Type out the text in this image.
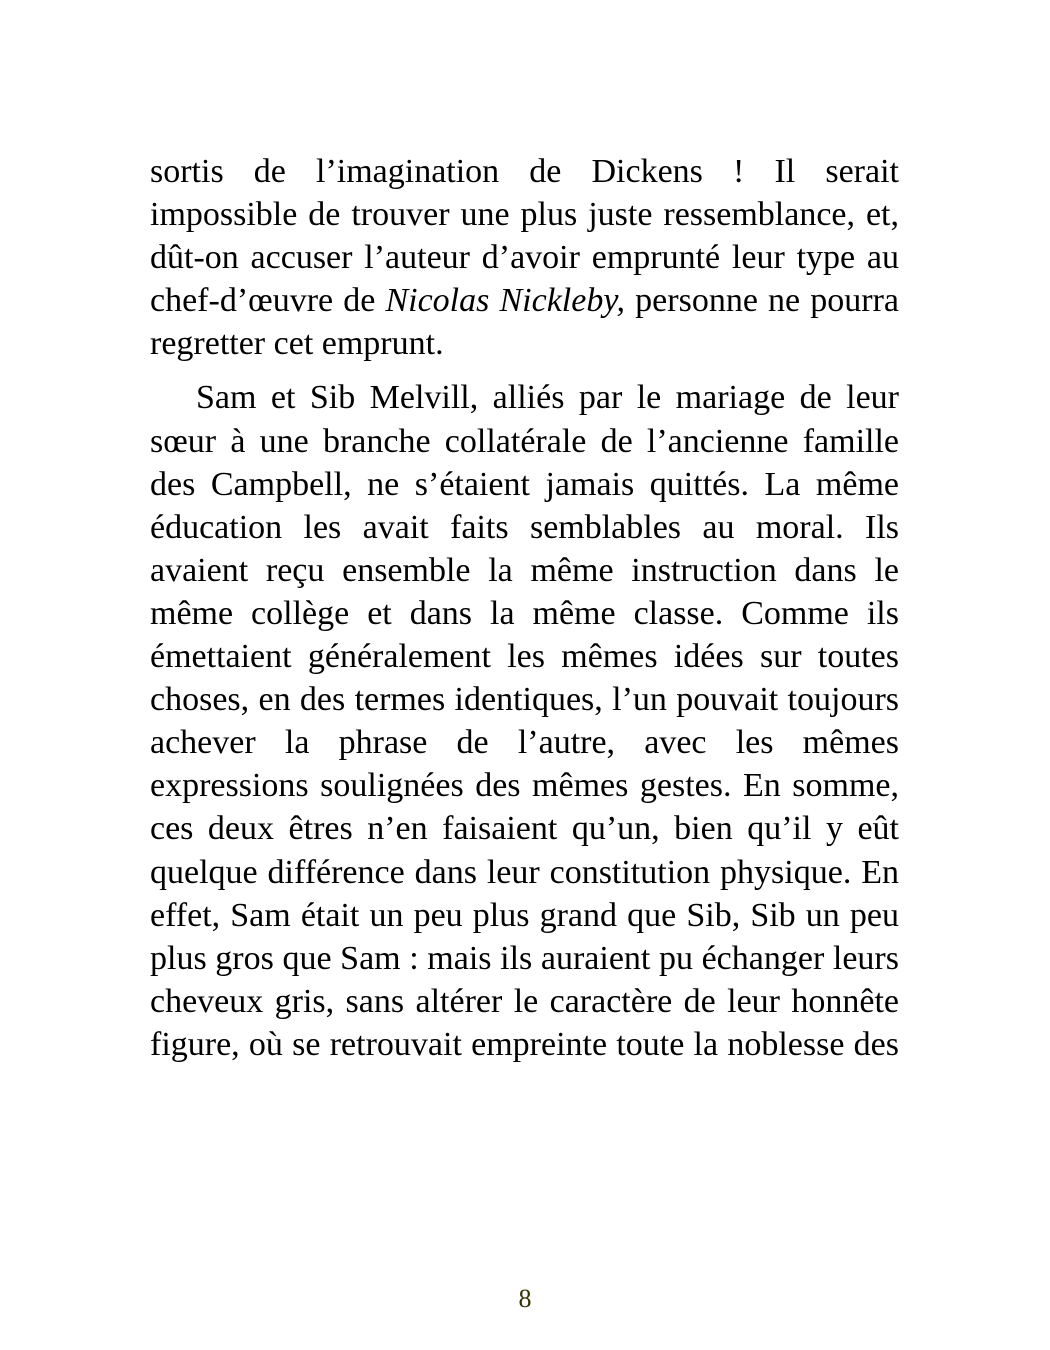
sortis de l’imagination de Dickens ! Il serait impossible de trouver une plus juste ressemblance, et, dût-on accuser l’auteur d’avoir emprunté leur type au chef-d’œuvre de Nicolas Nickleby, personne ne pourra regretter cet emprunt.

Sam et Sib Melvill, alliés par le mariage de leur sœur à une branche collatérale de l’ancienne famille des Campbell, ne s’étaient jamais quittés. La même éducation les avait faits semblables au moral. Ils avaient reçu ensemble la même instruction dans le même collège et dans la même classe. Comme ils émettaient généralement les mêmes idées sur toutes choses, en des termes identiques, l’un pouvait toujours achever la phrase de l’autre, avec les mêmes expressions soulignées des mêmes gestes. En somme, ces deux êtres n’en faisaient qu’un, bien qu’il y eût quelque différence dans leur constitution physique. En effet, Sam était un peu plus grand que Sib, Sib un peu plus gros que Sam : mais ils auraient pu échanger leurs cheveux gris, sans altérer le caractère de leur honnête figure, où se retrouvait empreinte toute la noblesse des

8
